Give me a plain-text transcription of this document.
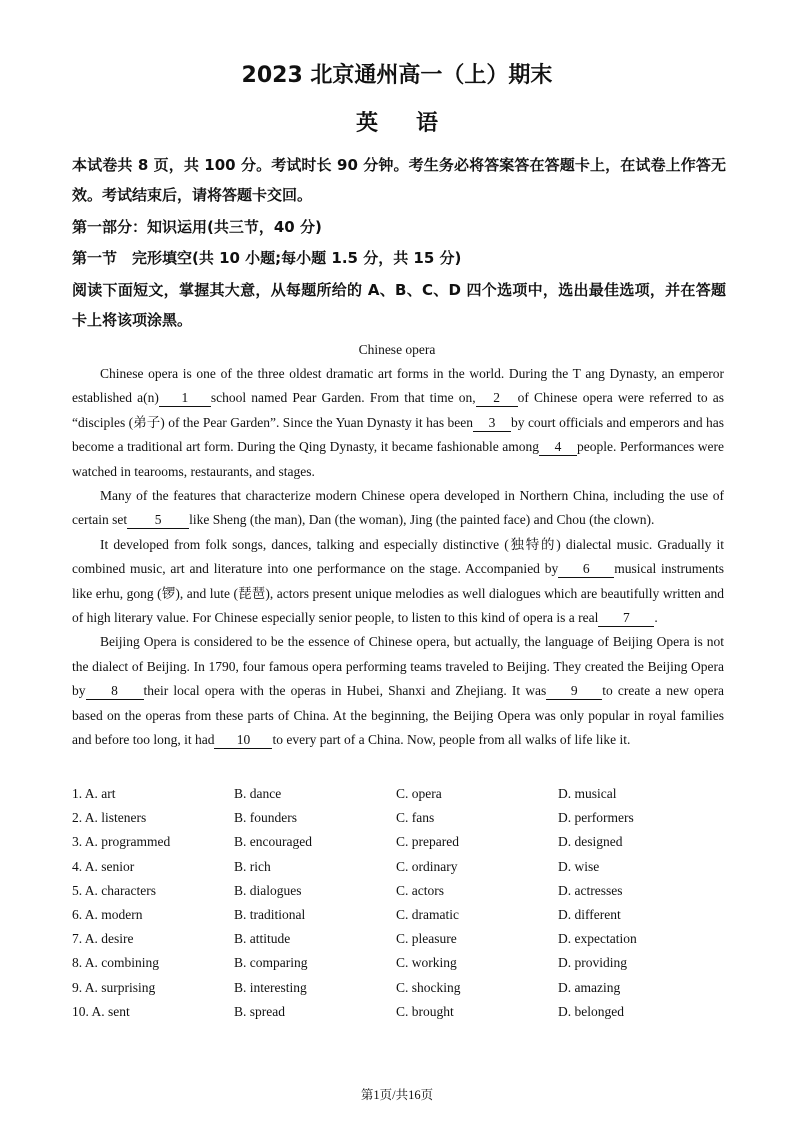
2023 北京通州高一（上）期末
英语

本试卷共 8 页，共 100 分。考试时长 90 分钟。考生务必将答案答在答题卡上，在试卷上作答无效。考试结束后，请将答题卡交回。

第一部分：知识运用(共三节，40 分)

第一节 完形填空(共 10 小题;每小题 1.5 分，共 15 分)

阅读下面短文，掌握其大意，从每题所给的 A、B、C、D 四个选项中，选出最佳选项，并在答题卡上将该项涂黑。

Chinese opera

Chinese opera is one of the three oldest dramatic art forms in the world. During the T ang Dynasty, an emperor established a(n) 1 school named Pear Garden. From that time on, 2 of Chinese opera were referred to as “disciples (弟子) of the Pear Garden”. Since the Yuan Dynasty it has been 3 by court officials and emperors and has become a traditional art form. During the Qing Dynasty, it became fashionable among 4 people. Performances were watched in tearooms, restaurants, and stages.

Many of the features that characterize modern Chinese opera developed in Northern China, including the use of certain set 5 like Sheng (the man), Dan (the woman), Jing (the painted face) and Chou (the clown).

It developed from folk songs, dances, talking and especially distinctive (独特的) dialectal music. Gradually it combined music, art and literature into one performance on the stage. Accompanied by 6 musical instruments like erhu, gong (锣), and lute (琵琶), actors present unique melodies as well dialogues which are beautifully written and of high literary value. For Chinese especially senior people, to listen to this kind of opera is a real 7 .

Beijing Opera is considered to be the essence of Chinese opera, but actually, the language of Beijing Opera is not the dialect of Beijing. In 1790, four famous opera performing teams traveled to Beijing. They created the Beijing Opera by 8 their local opera with the operas in Hubei, Shanxi and Zhejiang. It was 9 to create a new opera based on the operas from these parts of China. At the beginning, the Beijing Opera was only popular in royal families and before too long, it had 10 to every part of a China. Now, people from all walks of life like it.

1. A. art	B. dance	C. opera	D. musical
2. A. listeners	B. founders	C. fans	D. performers
3. A. programmed	B. encouraged	C. prepared	D. designed
4. A. senior	B. rich	C. ordinary	D. wise
5. A. characters	B. dialogues	C. actors	D. actresses
6. A. modern	B. traditional	C. dramatic	D. different
7. A. desire	B. attitude	C. pleasure	D. expectation
8. A. combining	B. comparing	C. working	D. providing
9. A. surprising	B. interesting	C. shocking	D. amazing
10. A. sent	B. spread	C. brought	D. belonged
第1页/共16页
